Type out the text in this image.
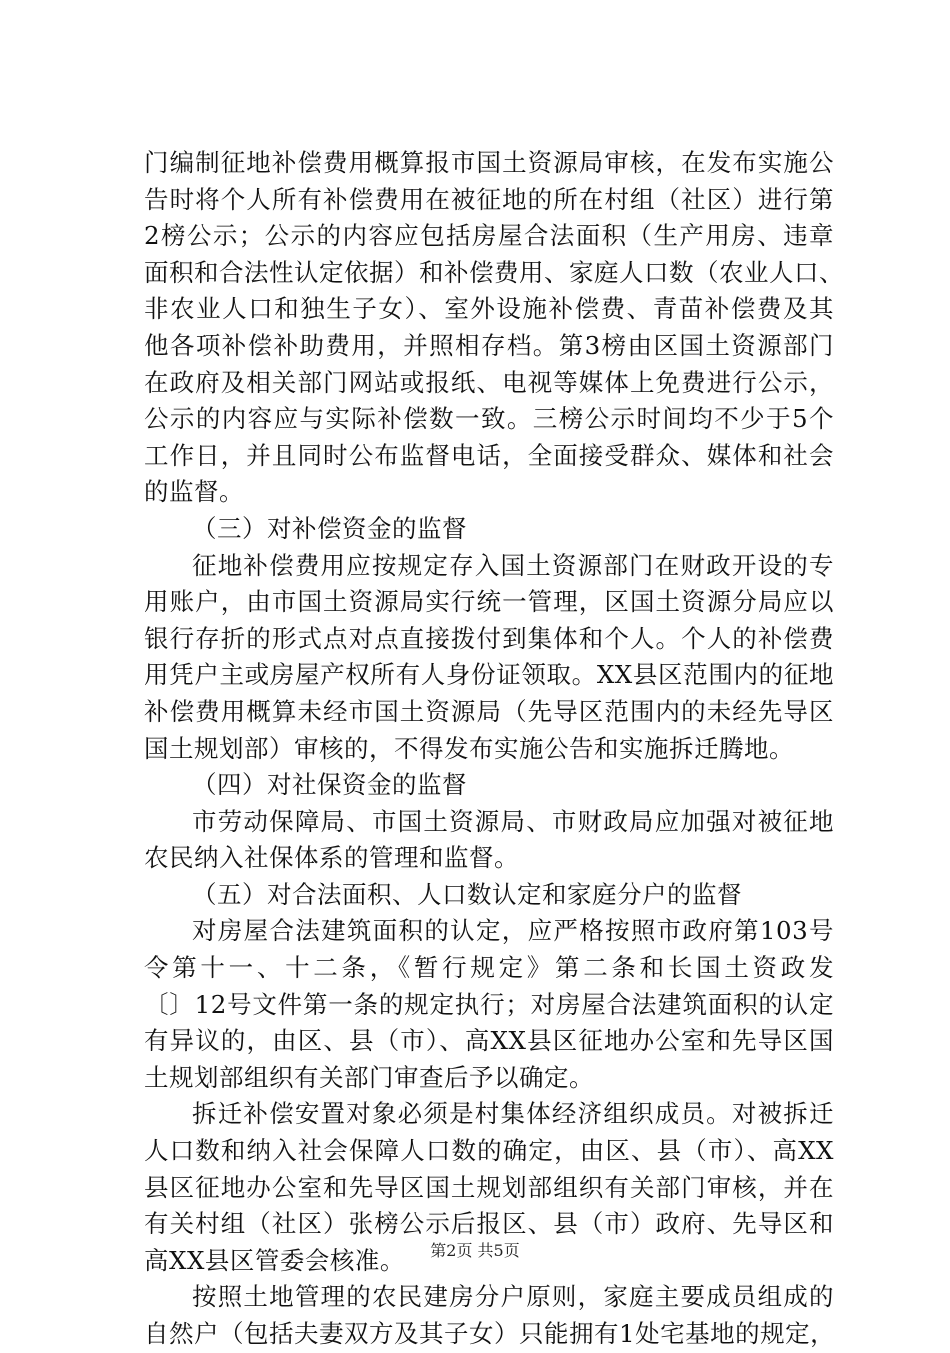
门编制征地补偿费用概算报市国土资源局审核，在发布实施公
告时将个人所有补偿费用在被征地的所在村组（社区）进行第
2榜公示；公示的内容应包括房屋合法面积（生产用房、违章
面积和合法性认定依据）和补偿费用、家庭人口数（农业人口、
非农业人口和独生子女）、室外设施补偿费、青苗补偿费及其
他各项补偿补助费用，并照相存档。第3榜由区国土资源部门
在政府及相关部门网站或报纸、电视等媒体上免费进行公示，
公示的内容应与实际补偿数一致。三榜公示时间均不少于5个
工作日，并且同时公布监督电话，全面接受群众、媒体和社会
的监督。
（三）对补偿资金的监督
征地补偿费用应按规定存入国土资源部门在财政开设的专
用账户，由市国土资源局实行统一管理，区国土资源分局应以
银行存折的形式点对点直接拨付到集体和个人。个人的补偿费
用凭户主或房屋产权所有人身份证领取。XX县区范围内的征地
补偿费用概算未经市国土资源局（先导区范围内的未经先导区
国土规划部）审核的，不得发布实施公告和实施拆迁腾地。
（四）对社保资金的监督
市劳动保障局、市国土资源局、市财政局应加强对被征地
农民纳入社保体系的管理和监督。
（五）对合法面积、人口数认定和家庭分户的监督
对房屋合法建筑面积的认定，应严格按照市政府第103号
令第十一、十二条，《暂行规定》第二条和长国土资政发
〔〕12号文件第一条的规定执行；对房屋合法建筑面积的认定
有异议的，由区、县（市）、高XX县区征地办公室和先导区国
土规划部组织有关部门审查后予以确定。
拆迁补偿安置对象必须是村集体经济组织成员。对被拆迁
人口数和纳入社会保障人口数的确定，由区、县（市）、高XX
县区征地办公室和先导区国土规划部组织有关部门审核，并在
有关村组（社区）张榜公示后报区、县（市）政府、先导区和
高XX县区管委会核准。
按照土地管理的农民建房分户原则，家庭主要成员组成的
自然户（包括夫妻双方及其子女）只能拥有1处宅基地的规定，
第2页 共5页
